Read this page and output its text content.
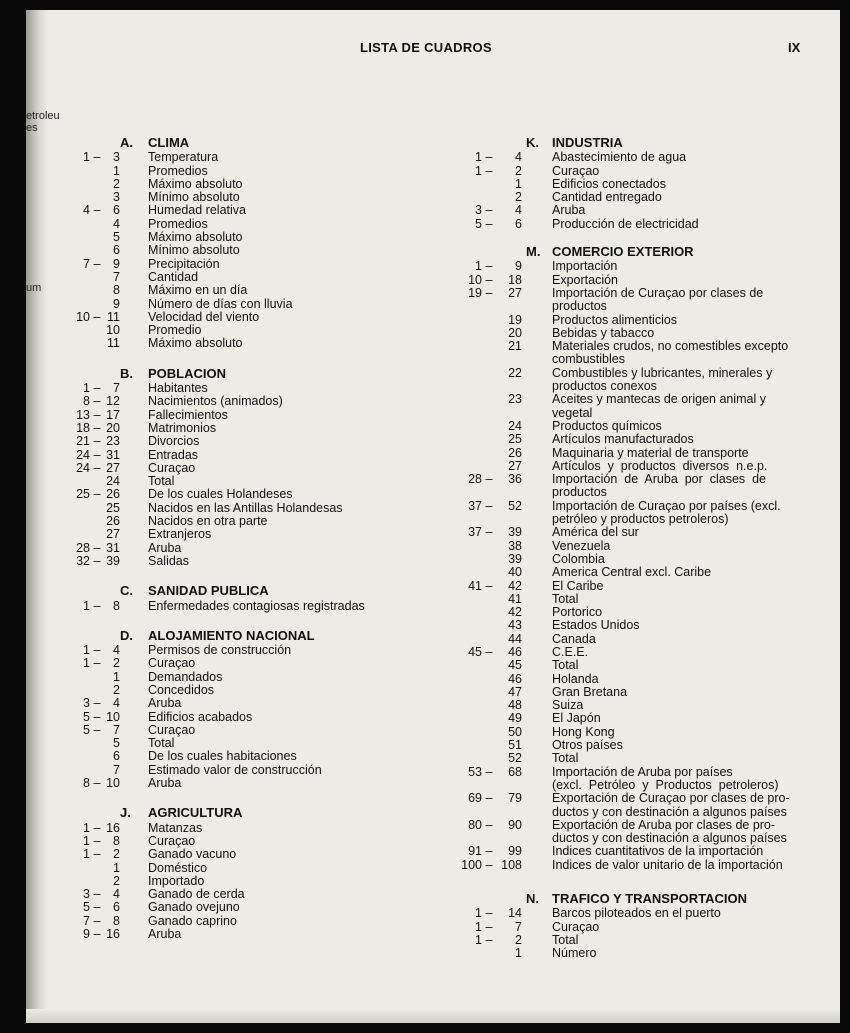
etroleu
es
um
LISTA DE CUADROS	IX
A.	CLIMA
1 –	3 Temperatura
1 Promedios
2 Máximo absoluto
3 Mínimo absoluto
4 –	6 Humedad relativa
4 Promedios
5 Máximo absoluto
6 Mínimo absoluto
7 –	9 Precipitación
7 Cantidad
8 Máximo en un día
9 Número de días con lluvia
10 – 11 Velocidad del viento
10 Promedio
11 Máximo absoluto
B.	POBLACION
1 –	7 Habitantes
8 – 12 Nacimientos (animados)
13 – 17 Fallecimientos
18 – 20 Matrimonios
21 – 23 Divorcios
24 – 31 Entradas
24 – 27 Curaçao
24 Total
25 – 26 De los cuales Holandeses
25 Nacidos en las Antillas Holandesas
26 Nacidos en otra parte
27 Extranjeros
28 – 31 Aruba
32 – 39 Salidas
C.	SANIDAD PUBLICA
1 –	8 Enfermedades contagiosas registradas
D.	ALOJAMIENTO NACIONAL
1 –	4 Permisos de construcción
1 –	2 Curaçao
1 Demandados
2 Concedidos
3 –	4 Aruba
5 – 10 Edificios acabados
5 –	7 Curaçao
5 Total
6 De los cuales habitaciones
7 Estimado valor de construcción
8 – 10 Aruba
J.	AGRICULTURA
1 – 16 Matanzas
1 –	8 Curaçao
1 –	2 Ganado vacuno
1 Doméstico
2 Importado
3 –	4 Ganado de cerda
5 –	6 Ganado ovejuno
7 –	8 Ganado caprino
9 – 16 Aruba
K.	INDUSTRIA
1 –	4 Abastecimiento de agua
1 –	2 Curaçao
1 Edificios conectados
2 Cantidad entregado
3 –	4 Aruba
5 –	6 Producción de electricidad
M. COMERCIO EXTERIOR
1 –	9 Importación
10 –	18 Exportación
19 –	27 Importación de Curaçao por clases de
productos
19 Productos alimenticios
20 Bebidas y tabacco
21 Materiales crudos, no comestibles excepto
combustibles
22 Combustibles y lubricantes, minerales y
productos conexos
23 Aceites y mantecas de origen animal y
vegetal
24 Productos químicos
25 Artículos manufacturados
26 Maquinaria y material de transporte
27 Artículos  y  productos  diversos  n.e.p.
28 –	36 Importación  de  Aruba  por  clases  de
productos
37 –	52 Importación de Curaçao por países (excl.
petróleo y productos petroleros)
37 –	39 América del sur
38 Venezuela
39 Colombia
40 America Central excl. Caribe
41 –	42 El Caribe
41 Total
42 Portorico
43 Estados Unidos
44 Canada
45 –	46 C.E.E.
45 Total
46 Holanda
47 Gran Bretana
48 Suiza
49 El Japón
50 Hong Kong
51 Otros países
52 Total
53 –	68 Importación de Aruba por países
(excl.  Petróleo  y  Productos  petroleros)
69 –	79 Exportación de Curaçao por clases de pro-
ductos y con destinación a algunos países
80 –	90 Exportación de Aruba por clases de pro-
ductos y con destinación a algunos países
91 –	99 Indices cuantitativos de la importación
100 – 108 Indices de valor unitario de la importación
N.	TRAFICO Y TRANSPORTACION
1 –	14 Barcos piloteados en el puerto
1 –	7 Curaçao
1 –	2 Total
1 Número
